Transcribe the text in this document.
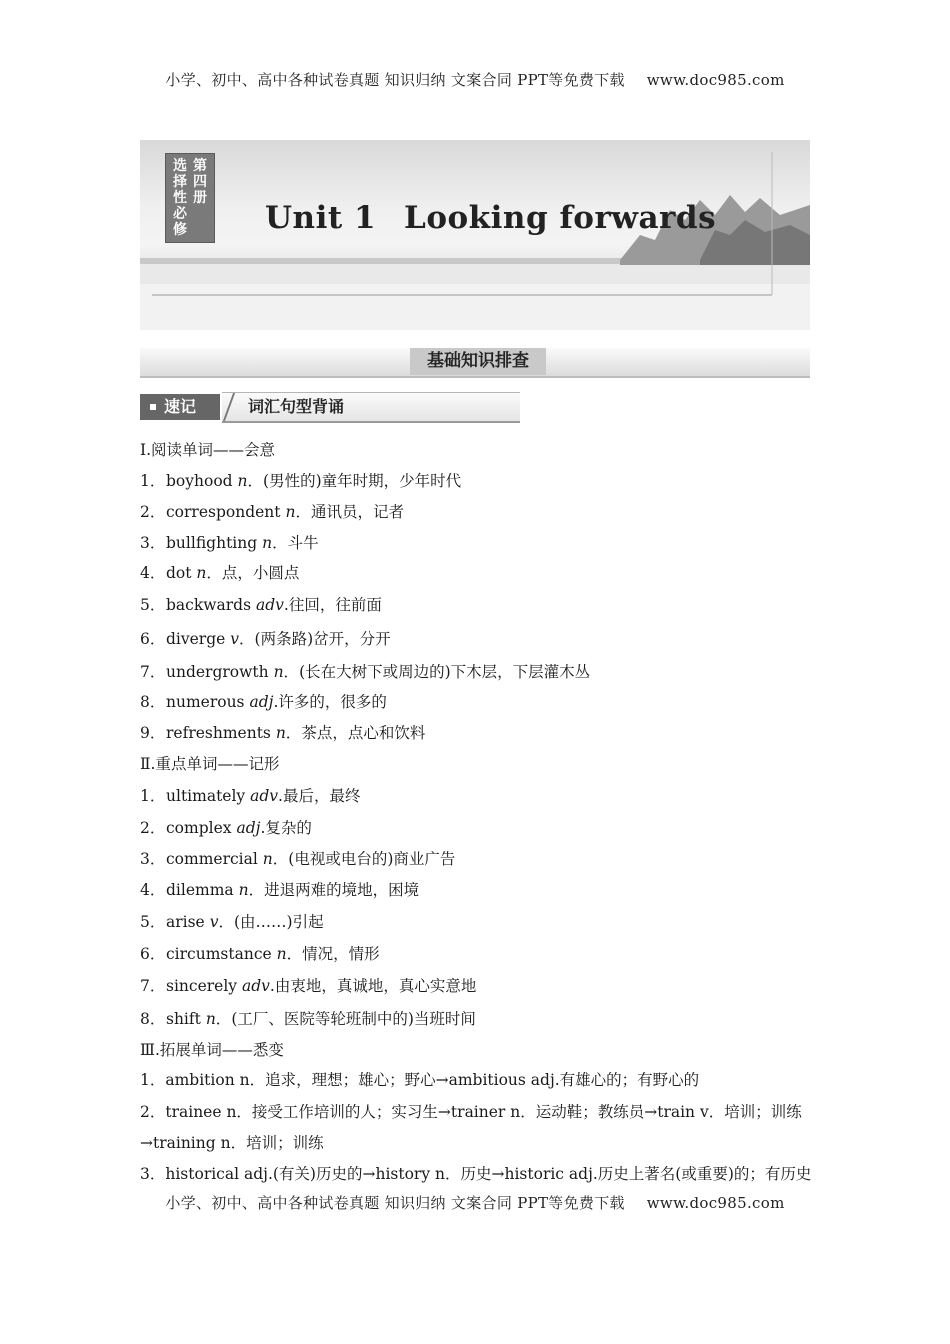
小学、初中、高中各种试卷真题 知识归纳 文案合同 PPT等免费下载 www.doc985.com
选择性必修
第四册
Unit 1 Looking forwards
基础知识排查
速记	词汇句型背诵
Ⅰ.阅读单词——会意
1．boyhood n．(男性的)童年时期，少年时代
2．correspondent n．通讯员，记者
3．bullfighting n．斗牛
4．dot n．点，小圆点
5．backwards adv.往回，往前面
6．diverge v．(两条路)岔开，分开
7．undergrowth n．(长在大树下或周边的)下木层，下层灌木丛
8．numerous adj.许多的，很多的
9．refreshments n．茶点，点心和饮料
Ⅱ.重点单词——记形
1．ultimately adv.最后，最终
2．complex adj.复杂的
3．commercial n．(电视或电台的)商业广告
4．dilemma n．进退两难的境地，困境
5．arise v．(由……)引起
6．circumstance n．情况，情形
7．sincerely adv.由衷地，真诚地，真心实意地
8．shift n．(工厂、医院等轮班制中的)当班时间
Ⅲ.拓展单词——悉变
1．ambition n．追求，理想；雄心；野心→ambitious adj.有雄心的；有野心的
2．trainee n．接受工作培训的人；实习生→trainer n．运动鞋；教练员→train v．培训；训练
→training n．培训；训练
3．historical adj.(有关)历史的→history n．历史→historic adj.历史上著名(或重要)的；有历史
小学、初中、高中各种试卷真题 知识归纳 文案合同 PPT等免费下载 www.doc985.com
